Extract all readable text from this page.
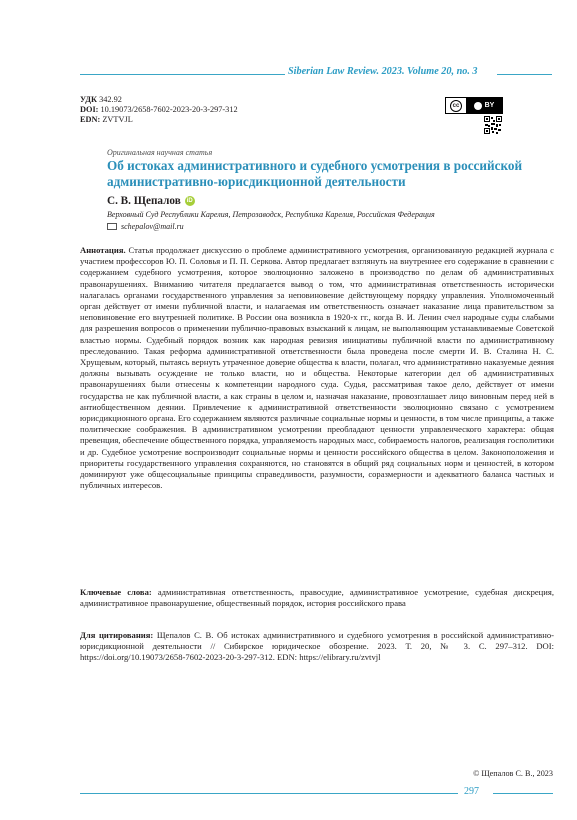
Siberian Law Review. 2023. Volume 20, no. 3
УДК 342.92
DOI: 10.19073/2658-7602-2023-20-3-297-312
EDN: ZVTVJL
cc	BY
Оригинальная научная статья
Об истоках административного и судебного усмотрения в российской административно-юрисдикционной деятельности
С. В. Щепалов	iD
Верховный Суд Республики Карелия, Петрозаводск, Республика Карелия, Российская Федерация
schepalov@mail.ru
Аннотация. Статья продолжает дискуссию о проблеме административного усмотрения, организованную редакцией журнала с участием профессоров Ю. П. Соловья и П. П. Серкова. Автор предлагает взглянуть на внутреннее его содержание в сравнении с содержанием судебного усмотрения, которое эволюционно заложено в производство по делам об административных правонарушениях. Вниманию читателя предлагается вывод о том, что административная ответственность исторически налагалась органами государственного управления за неповиновение действующему порядку управления. Уполномоченный орган действует от имени публичной власти, и налагаемая им ответственность означает наказание лица правительством за неповиновение его внутренней политике. В России она возникла в 1920-х гг., когда В. И. Ленин счел народные суды слабыми для разрешения вопросов о применении публично-правовых взысканий к лицам, не выполняющим устанавливаемые Советской властью нормы. Судебный порядок возник как народная ревизия инициативы публичной власти по административному преследованию. Такая реформа административной ответственности была проведена после смерти И. В. Сталина Н. С. Хрущевым, который, пытаясь вернуть утраченное доверие общества к власти, полагал, что административно наказуемые деяния должны вызывать осуждение не только власти, но и общества. Некоторые категории дел об административных правонарушениях были отнесены к компетенции народного суда. Судья, рассматривая такое дело, действует от имени государства не как публичной власти, а как страны в целом и, назначая наказание, провозглашает лицо виновным перед ней в антиобщественном деянии. Привлечение к административной ответственности эволюционно связано с усмотрением юрисдикционного органа. Его содержанием являются различные социальные нормы и ценности, в том числе принципы, а также политические соображения. В административном усмотрении преобладают ценности управленческого характера: общая превенция, обеспечение общественного порядка, управляемость народных масс, собираемость налогов, реализация госполитики и др. Судебное усмотрение воспроизводит социальные нормы и ценности российского общества в целом. Законоположения и приоритеты государственного управления сохраняются, но становятся в общий ряд социальных норм и ценностей, в котором доминируют уже общесоциальные принципы справедливости, разумности, соразмерности и адекватного баланса частных и публичных интересов.
Ключевые слова: административная ответственность, правосудие, административное усмотрение, судебная дискреция, административное правонарушение, общественный порядок, история российского права
Для цитирования: Щепалов С. В. Об истоках административного и судебного усмотрения в российской административно-юрисдикционной деятельности // Сибирское юридическое обозрение. 2023. Т. 20, № 3. С. 297–312. DOI: https://doi.org/10.19073/2658-7602-2023-20-3-297-312. EDN: https://elibrary.ru/zvtvjl
© Щепалов С. В., 2023
297
